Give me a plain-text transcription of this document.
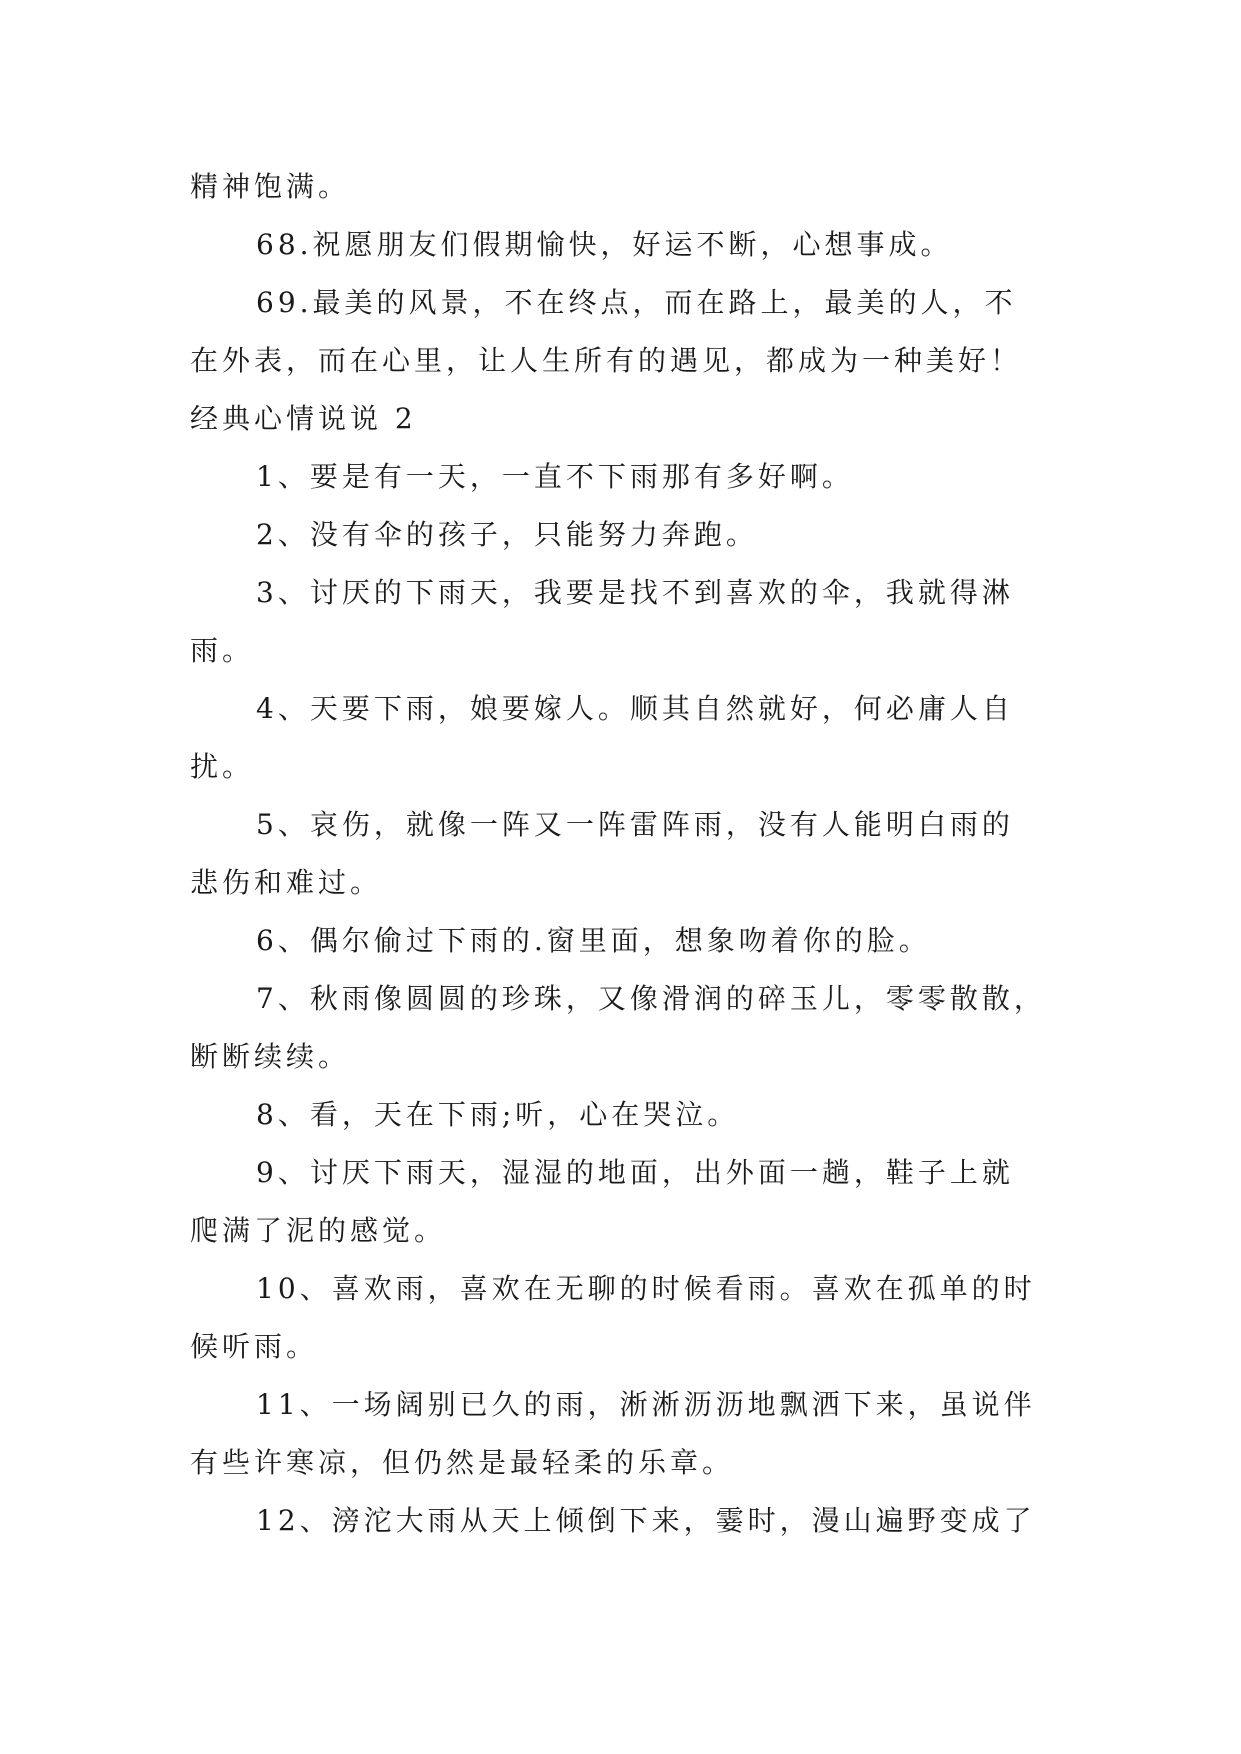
精神饱满。
68.祝愿朋友们假期愉快，好运不断，心想事成。
69.最美的风景，不在终点，而在路上，最美的人，不
在外表，而在心里，让人生所有的遇见，都成为一种美好！
经典心情说说 2
1、要是有一天，一直不下雨那有多好啊。
2、没有伞的孩子，只能努力奔跑。
3、讨厌的下雨天，我要是找不到喜欢的伞，我就得淋
雨。
4、天要下雨，娘要嫁人。顺其自然就好，何必庸人自
扰。
5、哀伤，就像一阵又一阵雷阵雨，没有人能明白雨的
悲伤和难过。
6、偶尔偷过下雨的.窗里面，想象吻着你的脸。
7、秋雨像圆圆的珍珠，又像滑润的碎玉儿，零零散散，
断断续续。
8、看，天在下雨;听，心在哭泣。
9、讨厌下雨天，湿湿的地面，出外面一趟，鞋子上就
爬满了泥的感觉。
10、喜欢雨，喜欢在无聊的时候看雨。喜欢在孤单的时
候听雨。
11、一场阔别已久的雨，淅淅沥沥地飘洒下来，虽说伴
有些许寒凉，但仍然是最轻柔的乐章。
12、滂沱大雨从天上倾倒下来，霎时，漫山遍野变成了
